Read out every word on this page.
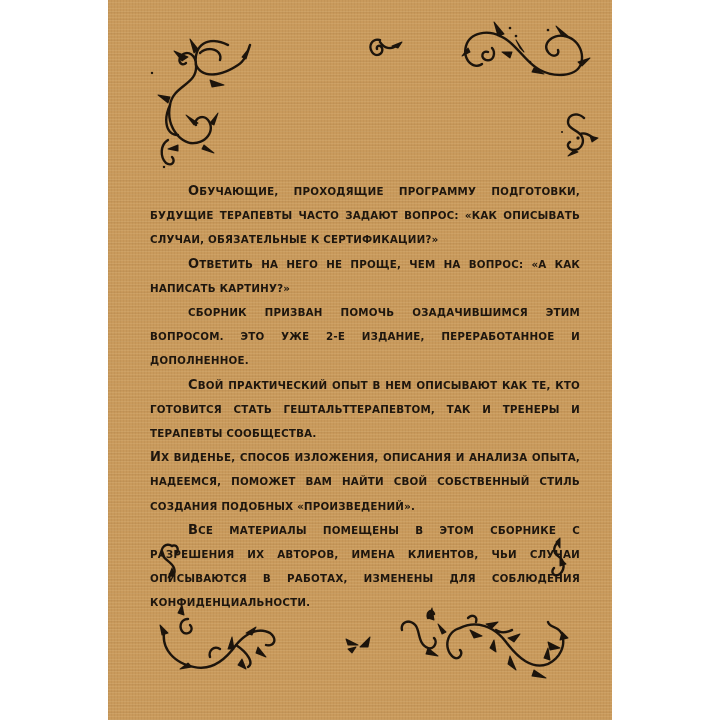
ОБУЧАЮЩИЕ, ПРОХОДЯЩИЕ ПРОГРАММУ ПОДГОТОВКИ, БУДУЩИЕ ТЕРАПЕВТЫ ЧАСТО ЗАДАЮТ ВОПРОС: «КАК ОПИСЫВАТЬ СЛУЧАИ, ОБЯЗАТЕЛЬНЫЕ К СЕРТИФИКАЦИИ?»

ОТВЕТИТЬ НА НЕГО НЕ ПРОЩЕ, ЧЕМ НА ВОПРОС: «А КАК НАПИСАТЬ КАРТИНУ?»

СБОРНИК ПРИЗВАН ПОМОЧЬ ОЗАДАЧИВШИМСЯ ЭТИМ ВОПРОСОМ. ЭТО УЖЕ 2-Е ИЗДАНИЕ, ПЕРЕРАБОТАННОЕ И ДОПОЛНЕННОЕ.

СВОЙ ПРАКТИЧЕСКИЙ ОПЫТ В НЕМ ОПИСЫВАЮТ КАК ТЕ, КТО ГОТОВИТСЯ СТАТЬ ГЕШТАЛЬТТЕРАПЕВТОМ, ТАК И ТРЕНЕРЫ И ТЕРАПЕВТЫ СООБЩЕСТВА.

ИХ ВИДЕНЬЕ, СПОСОБ ИЗЛОЖЕНИЯ, ОПИСАНИЯ И АНАЛИЗА ОПЫТА, НАДЕЕМСЯ, ПОМОЖЕТ ВАМ НАЙТИ СВОЙ СОБСТВЕННЫЙ СТИЛЬ СОЗДАНИЯ ПОДОБНЫХ «ПРОИЗВЕДЕНИЙ».

ВСЕ МАТЕРИАЛЫ ПОМЕЩЕНЫ В ЭТОМ СБОРНИКЕ С РАЗРЕШЕНИЯ ИХ АВТОРОВ, ИМЕНА КЛИЕНТОВ, ЧЬИ СЛУЧАИ ОПИСЫВАЮТСЯ В РАБОТАХ, ИЗМЕНЕНЫ ДЛЯ СОБЛЮДЕНИЯ КОНФИДЕНЦИАЛЬНОСТИ.
